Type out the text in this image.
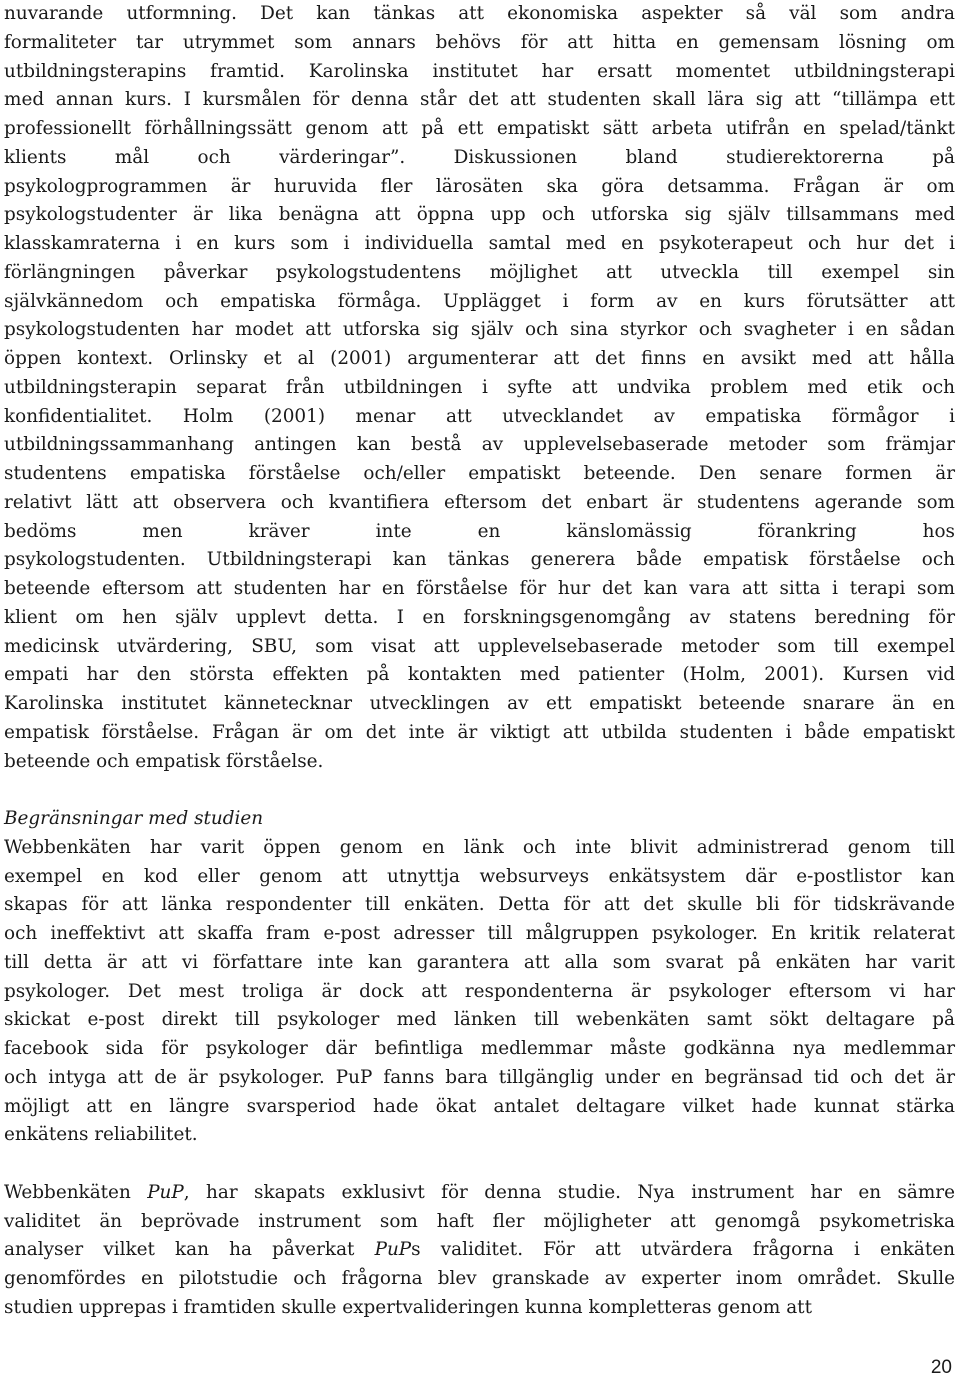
nuvarande utformning. Det kan tänkas att ekonomiska aspekter så väl som andra
formaliteter tar utrymmet som annars behövs för att hitta en gemensam lösning om
utbildningsterapins framtid. Karolinska institutet har ersatt momentet utbildningsterapi
med annan kurs. I kursmålen för denna står det att studenten skall lära sig att “tillämpa ett
professionellt förhållningssätt genom att på ett empatiskt sätt arbeta utifrån en spelad/tänkt
klients mål och värderingar”. Diskussionen bland studierektorerna på
psykologprogrammen är huruvida fler lärosäten ska göra detsamma. Frågan är om
psykologstudenter är lika benägna att öppna upp och utforska sig själv tillsammans med
klasskamraterna i en kurs som i individuella samtal med en psykoterapeut och hur det i
förlängningen påverkar psykologstudentens möjlighet att utveckla till exempel sin
självkännedom och empatiska förmåga. Upplägget i form av en kurs förutsätter att
psykologstudenten har modet att utforska sig själv och sina styrkor och svagheter i en sådan
öppen kontext. Orlinsky et al (2001) argumenterar att det finns en avsikt med att hålla
utbildningsterapin separat från utbildningen i syfte att undvika problem med etik och
konfidentialitet. Holm (2001) menar att utvecklandet av empatiska förmågor i
utbildningssammanhang antingen kan bestå av upplevelsebaserade metoder som främjar
studentens empatiska förståelse och/eller empatiskt beteende. Den senare formen är
relativt lätt att observera och kvantifiera eftersom det enbart är studentens agerande som
bedöms men kräver inte en känslomässig förankring hos
psykologstudenten. Utbildningsterapi kan tänkas generera både empatisk förståelse och
beteende eftersom att studenten har en förståelse för hur det kan vara att sitta i terapi som
klient om hen själv upplevt detta. I en forskningsgenomgång av statens beredning för
medicinsk utvärdering, SBU, som visat att upplevelsebaserade metoder som till exempel
empati har den största effekten på kontakten med patienter (Holm, 2001). Kursen vid
Karolinska institutet kännetecknar utvecklingen av ett empatiskt beteende snarare än en
empatisk förståelse. Frågan är om det inte är viktigt att utbilda studenten i både empatiskt
beteende och empatisk förståelse.
Begränsningar med studien
Webbenkäten har varit öppen genom en länk och inte blivit administrerad genom till
exempel en kod eller genom att utnyttja websurveys enkätsystem där e-postlistor kan
skapas för att länka respondenter till enkäten. Detta för att det skulle bli för tidskrävande
och ineffektivt att skaffa fram e-post adresser till målgruppen psykologer. En kritik relaterat
till detta är att vi författare inte kan garantera att alla som svarat på enkäten har varit
psykologer. Det mest troliga är dock att respondenterna är psykologer eftersom vi har
skickat e-post direkt till psykologer med länken till webenkäten samt sökt deltagare på
facebook sida för psykologer där befintliga medlemmar måste godkänna nya medlemmar
och intyga att de är psykologer. PuP fanns bara tillgänglig under en begränsad tid och det är
möjligt att en längre svarsperiod hade ökat antalet deltagare vilket hade kunnat stärka
enkätens reliabilitet.
Webbenkäten PuP, har skapats exklusivt för denna studie. Nya instrument har en sämre
validitet än beprövade instrument som haft fler möjligheter att genomgå psykometriska
analyser vilket kan ha påverkat PuPs validitet. För att utvärdera frågorna i enkäten
genomfördes en pilotstudie och frågorna blev granskade av experter inom området. Skulle
studien upprepas i framtiden skulle expertvalideringen kunna kompletteras genom att
20
